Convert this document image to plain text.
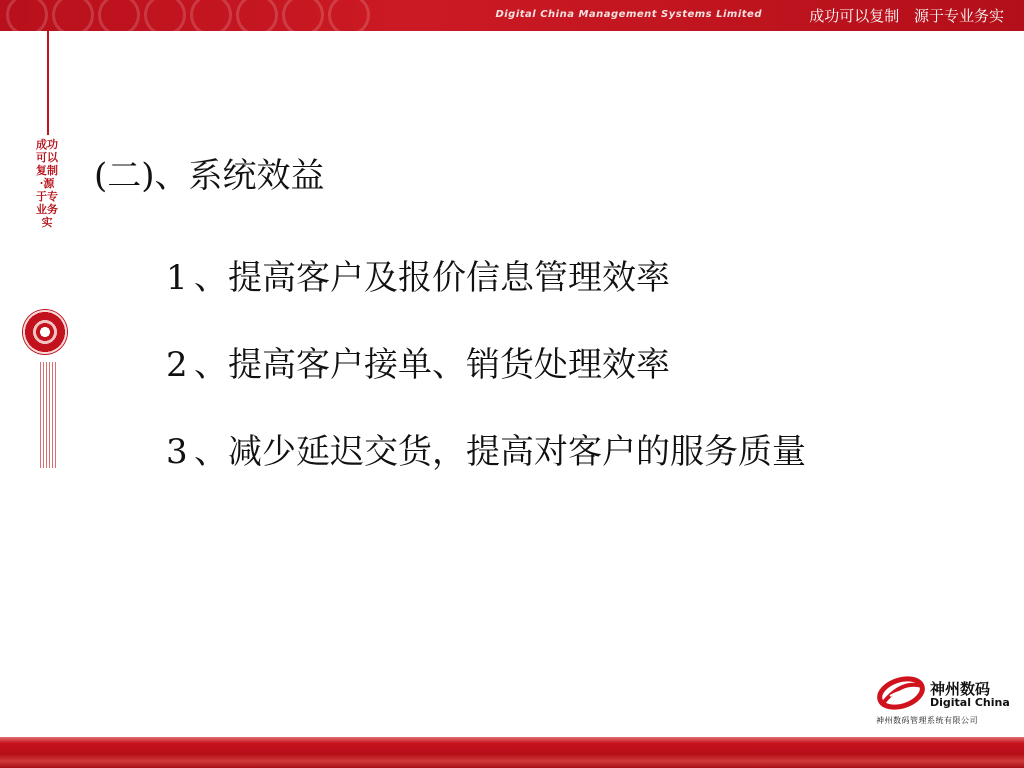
Digital China Management Systems Limited	成功可以复制 源于专业务实
成功可以复制·源于专业务实
(二)、系统效益
1 、提高客户及报价信息管理效率
2 、提高客户接单、销货处理效率
3 、减少延迟交货，提高对客户的服务质量
神州数码
Digital China
神州数码管理系统有限公司
